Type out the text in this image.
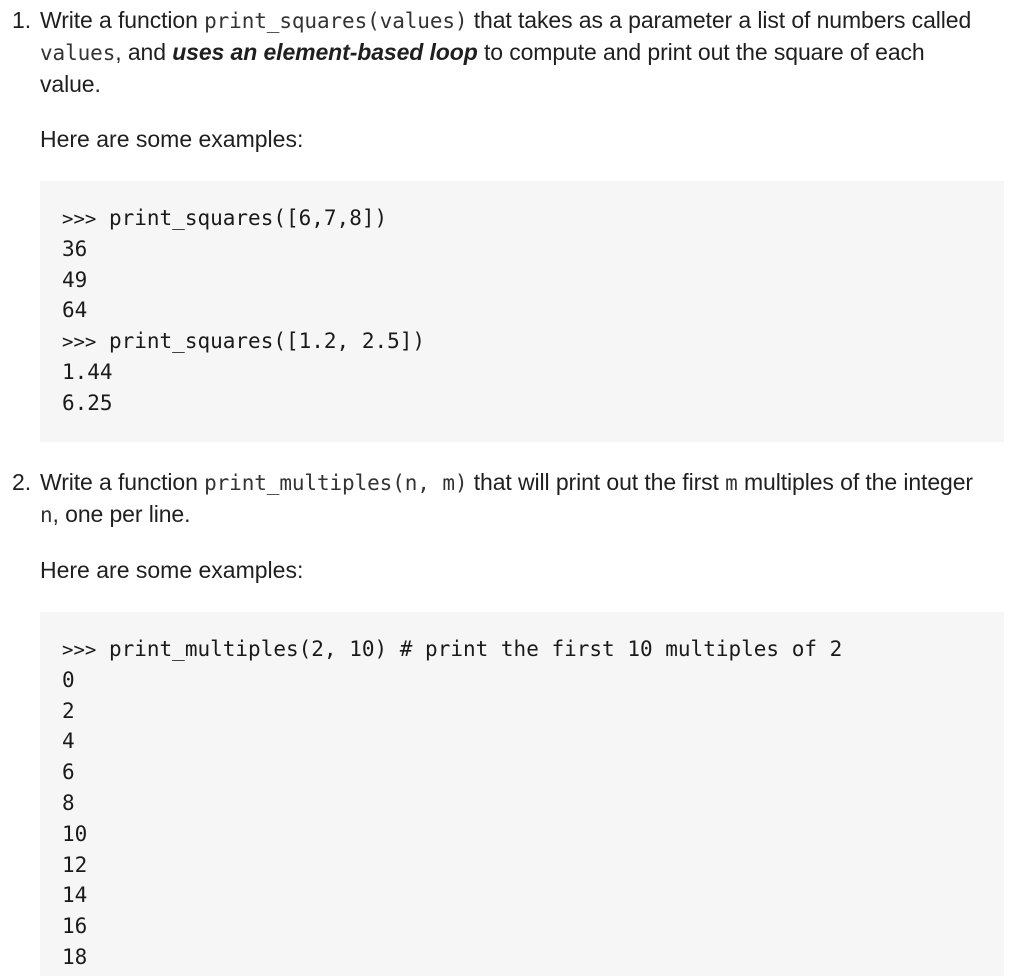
1. Write a function print_squares(values) that takes as a parameter a list of numbers called values, and uses an element-based loop to compute and print out the square of each value.
Here are some examples:
>>> print_squares([6,7,8])
36
49
64
>>> print_squares([1.2, 2.5])
1.44
6.25
2. Write a function print_multiples(n, m) that will print out the first m multiples of the integer n, one per line.
Here are some examples:
>>> print_multiples(2, 10) # print the first 10 multiples of 2
0
2
4
6
8
10
12
14
16
18
